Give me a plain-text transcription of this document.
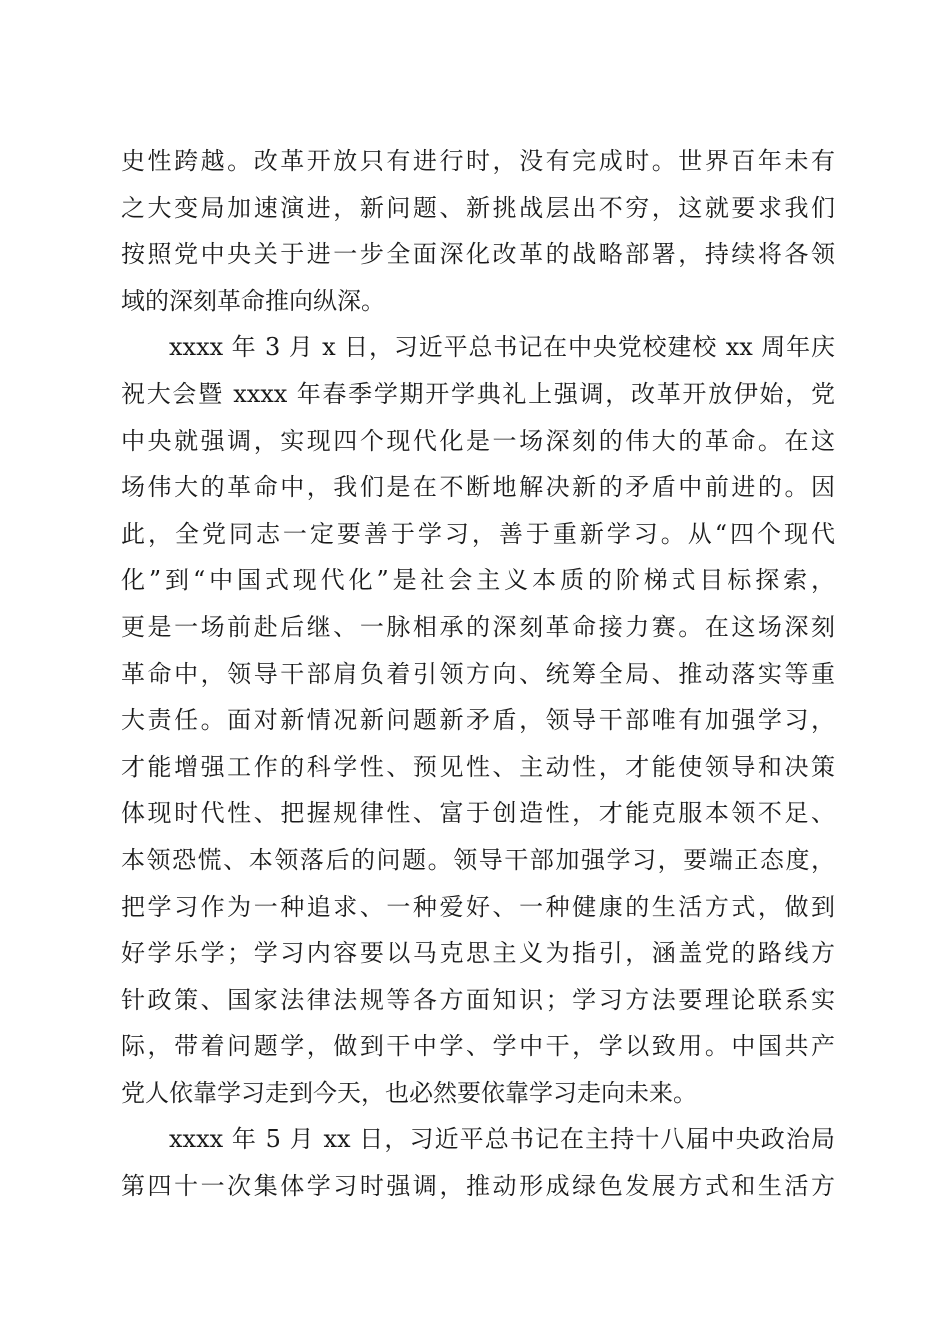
史性跨越。改革开放只有进行时，没有完成时。世界百年未有
之大变局加速演进，新问题、新挑战层出不穷，这就要求我们
按照党中央关于进一步全面深化改革的战略部署，持续将各领
域的深刻革命推向纵深。
xxxx 年 3 月 x 日，习近平总书记在中央党校建校 xx 周年庆
祝大会暨 xxxx 年春季学期开学典礼上强调，改革开放伊始，党
中央就强调，实现四个现代化是一场深刻的伟大的革命。在这
场伟大的革命中，我们是在不断地解决新的矛盾中前进的。因
此，全党同志一定要善于学习，善于重新学习。从“四个现代
化”到“中国式现代化”是社会主义本质的阶梯式目标探索，
更是一场前赴后继、一脉相承的深刻革命接力赛。在这场深刻
革命中，领导干部肩负着引领方向、统筹全局、推动落实等重
大责任。面对新情况新问题新矛盾，领导干部唯有加强学习，
才能增强工作的科学性、预见性、主动性，才能使领导和决策
体现时代性、把握规律性、富于创造性，才能克服本领不足、
本领恐慌、本领落后的问题。领导干部加强学习，要端正态度，
把学习作为一种追求、一种爱好、一种健康的生活方式，做到
好学乐学；学习内容要以马克思主义为指引，涵盖党的路线方
针政策、国家法律法规等各方面知识；学习方法要理论联系实
际，带着问题学，做到干中学、学中干，学以致用。中国共产
党人依靠学习走到今天，也必然要依靠学习走向未来。
xxxx 年 5 月 xx 日，习近平总书记在主持十八届中央政治局
第四十一次集体学习时强调，推动形成绿色发展方式和生活方
